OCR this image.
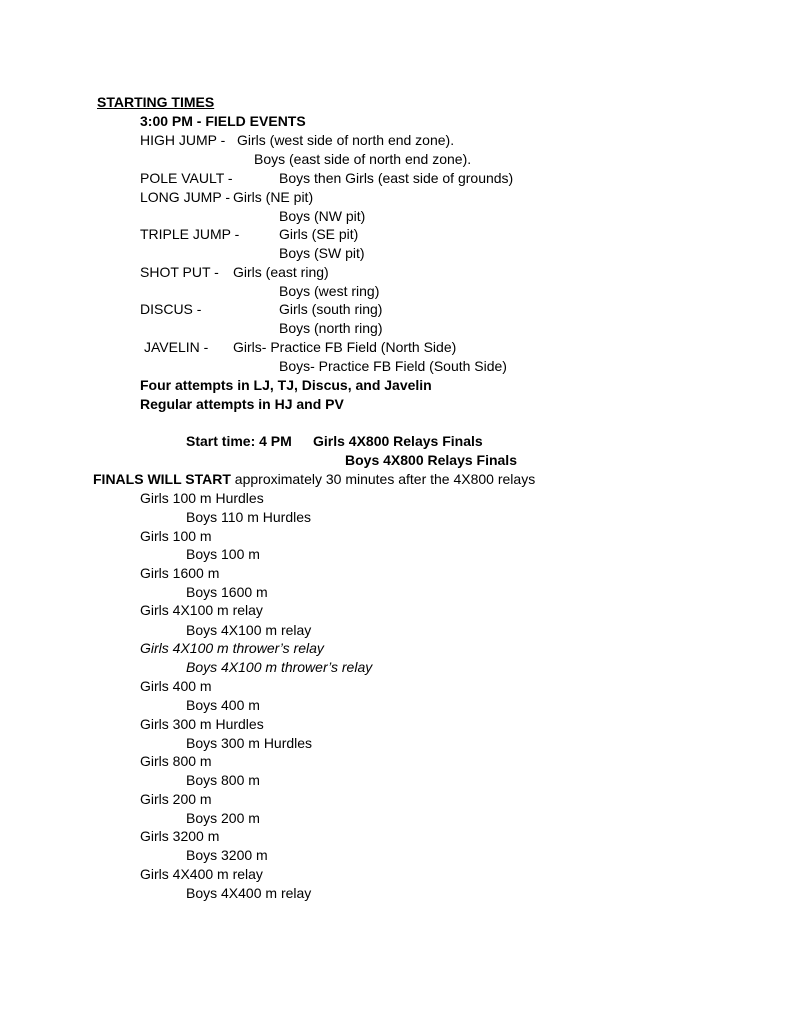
STARTING TIMES
3:00 PM - FIELD EVENTS
HIGH JUMP - Girls (west side of north end zone).
Boys (east side of north end zone).
POLE VAULT -	Boys then Girls (east side of grounds)
LONG JUMP - Girls (NE pit)
Boys (NW pit)
TRIPLE JUMP -	Girls (SE pit)
Boys (SW pit)
SHOT PUT - Girls (east ring)
Boys (west ring)
DISCUS -	Girls (south ring)
Boys (north ring)
JAVELIN - Girls- Practice FB Field (North Side)
Boys- Practice FB Field (South Side)
Four attempts in LJ, TJ, Discus, and Javelin
Regular attempts in HJ and PV
Start time: 4 PM Girls 4X800 Relays Finals
Boys 4X800 Relays Finals
FINALS WILL START approximately 30 minutes after the 4X800 relays
Girls 100 m Hurdles
Boys 110 m Hurdles
Girls 100 m
Boys 100 m
Girls 1600 m
Boys 1600 m
Girls 4X100 m relay
Boys 4X100 m relay
Girls 4X100 m thrower’s relay
Boys 4X100 m thrower’s relay
Girls 400 m
Boys 400 m
Girls 300 m Hurdles
Boys 300 m Hurdles
Girls 800 m
Boys 800 m
Girls 200 m
Boys 200 m
Girls 3200 m
Boys 3200 m
Girls 4X400 m relay
Boys 4X400 m relay
